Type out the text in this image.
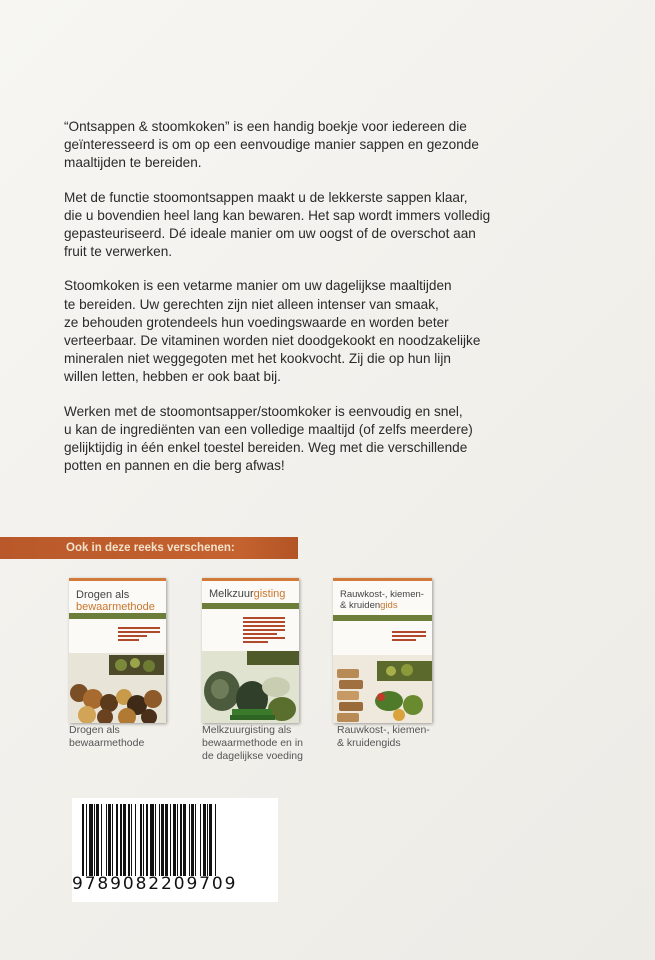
“Ontsappen & stoomkoken” is een handig boekje voor iedereen die
geïnteresseerd is om op een eenvoudige manier sappen en gezonde
maaltijden te bereiden.

Met de functie stoomontsappen maakt u de lekkerste sappen klaar,
die u bovendien heel lang kan bewaren. Het sap wordt immers volledig
gepasteuriseerd. Dé ideale manier om uw oogst of de overschot aan
fruit te verwerken.

Stoomkoken is een vetarme manier om uw dagelijkse maaltijden
te bereiden. Uw gerechten zijn niet alleen intenser van smaak,
ze behouden grotendeels hun voedingswaarde en worden beter
verteerbaar. De vitaminen worden niet doodgekookt en noodzakelijke
mineralen niet weggegoten met het kookvocht. Zij die op hun lijn
willen letten, hebben er ook baat bij.

Werken met de stoomontsapper/stoomkoker is eenvoudig en snel,
u kan de ingrediënten van een volledige maaltijd (of zelfs meerdere)
gelijktijdig in één enkel toestel bereiden. Weg met die verschillende
potten en pannen en die berg afwas!

Ook in deze reeks verschenen:
Drogen als
bewaarmethode
Drogen als
bewaarmethode
Melkzuurgisting
Melkzuurgisting als
bewaarmethode en in
de dagelijkse voeding
Rauwkost-, kiemen-
& kruidengids
Rauwkost-, kiemen-
& kruidengids
9789082209709
